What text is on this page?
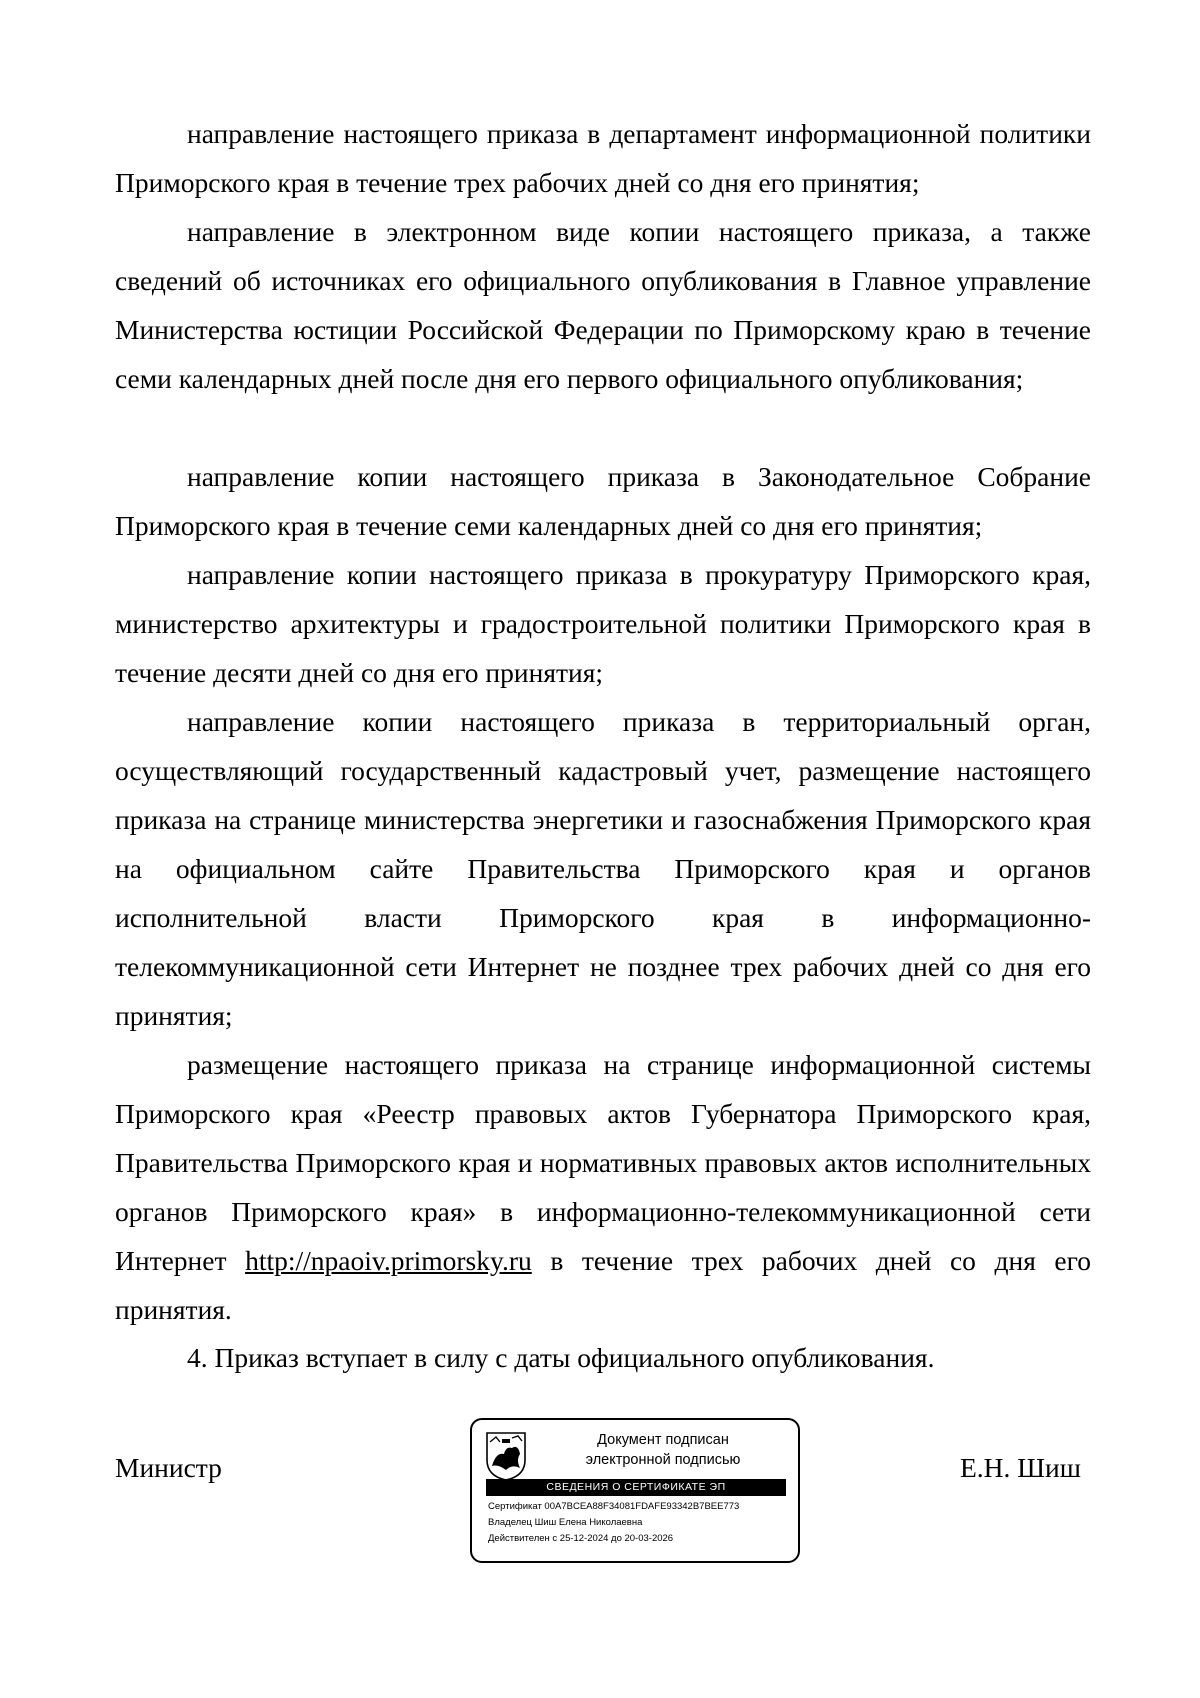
направление настоящего приказа в департамент информационной политики Приморского края в течение трех рабочих дней со дня его принятия;

направление в электронном виде копии настоящего приказа, а также сведений об источниках его официального опубликования в Главное управление Министерства юстиции Российской Федерации по Приморскому краю в течение семи календарных дней после дня его первого официального опубликования;

направление копии настоящего приказа в Законодательное Собрание Приморского края в течение семи календарных дней со дня его принятия;

направление копии настоящего приказа в прокуратуру Приморского края, министерство архитектуры и градостроительной политики Приморского края в течение десяти дней со дня его принятия;

направление копии настоящего приказа в территориальный орган, осуществляющий государственный кадастровый учет, размещение настоящего приказа на странице министерства энергетики и газоснабжения Приморского края на официальном сайте Правительства Приморского края и органов исполнительной власти Приморского края в информационно-телекоммуникационной сети Интернет не позднее трех рабочих дней со дня его принятия;

размещение настоящего приказа на странице информационной системы Приморского края «Реестр правовых актов Губернатора Приморского края, Правительства Приморского края и нормативных правовых актов исполнительных органов Приморского края» в информационно-телекоммуникационной сети Интернет http://npaoiv.primorsky.ru в течение трех рабочих дней со дня его принятия.

4. Приказ вступает в силу с даты официального опубликования.

Министр
Документ подписан
электронной подписью
СВЕДЕНИЯ О СЕРТИФИКАТЕ ЭП
Сертификат 00A7BCEA88F34081FDAFE93342B7BEE773
Владелец Шиш Елена Николаевна
Действителен с 25-12-2024 до 20-03-2026
Е.Н. Шиш
